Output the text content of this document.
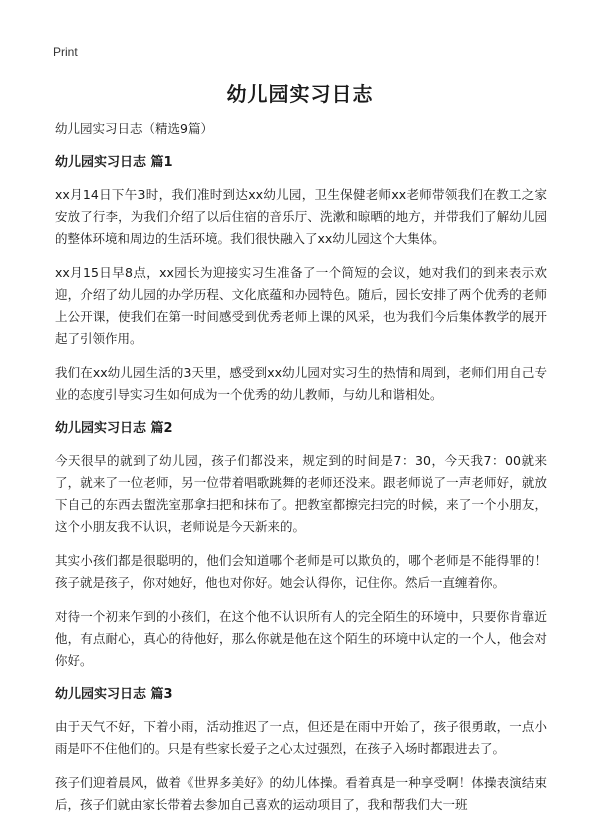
Print
幼儿园实习日志

幼儿园实习日志（精选9篇）

幼儿园实习日志 篇1

xx月14日下午3时，我们准时到达xx幼儿园，卫生保健老师xx老师带领我们在教工之家安放了行李，为我们介绍了以后住宿的音乐厅、洗漱和晾晒的地方，并带我们了解幼儿园的整体环境和周边的生活环境。我们很快融入了xx幼儿园这个大集体。

xx月15日早8点，xx园长为迎接实习生准备了一个简短的会议，她对我们的到来表示欢迎，介绍了幼儿园的办学历程、文化底蕴和办园特色。随后，园长安排了两个优秀的老师上公开课，使我们在第一时间感受到优秀老师上课的风采，也为我们今后集体教学的展开起了引领作用。

我们在xx幼儿园生活的3天里，感受到xx幼儿园对实习生的热情和周到，老师们用自己专业的态度引导实习生如何成为一个优秀的幼儿教师，与幼儿和谐相处。

幼儿园实习日志 篇2

今天很早的就到了幼儿园，孩子们都没来，规定到的时间是7：30，今天我7：00就来了，就来了一位老师，另一位带着唱歌跳舞的老师还没来。跟老师说了一声老师好，就放下自己的东西去盥洗室那拿扫把和抹布了。把教室都擦完扫完的时候，来了一个小朋友，这个小朋友我不认识，老师说是今天新来的。

其实小孩们都是很聪明的，他们会知道哪个老师是可以欺负的，哪个老师是不能得罪的！孩子就是孩子，你对她好，他也对你好。她会认得你，记住你。然后一直缠着你。

对待一个初来乍到的小孩们，在这个他不认识所有人的完全陌生的环境中，只要你肯靠近他，有点耐心，真心的待他好，那么你就是他在这个陌生的环境中认定的一个人，他会对你好。

幼儿园实习日志 篇3

由于天气不好，下着小雨，活动推迟了一点，但还是在雨中开始了，孩子很勇敢，一点小雨是吓不住他们的。只是有些家长爱子之心太过强烈，在孩子入场时都跟进去了。

孩子们迎着晨风，做着《世界多美好》的幼儿体操。看着真是一种享受啊！体操表演结束后，孩子们就由家长带着去参加自己喜欢的运动项目了，我和帮我们大一班
